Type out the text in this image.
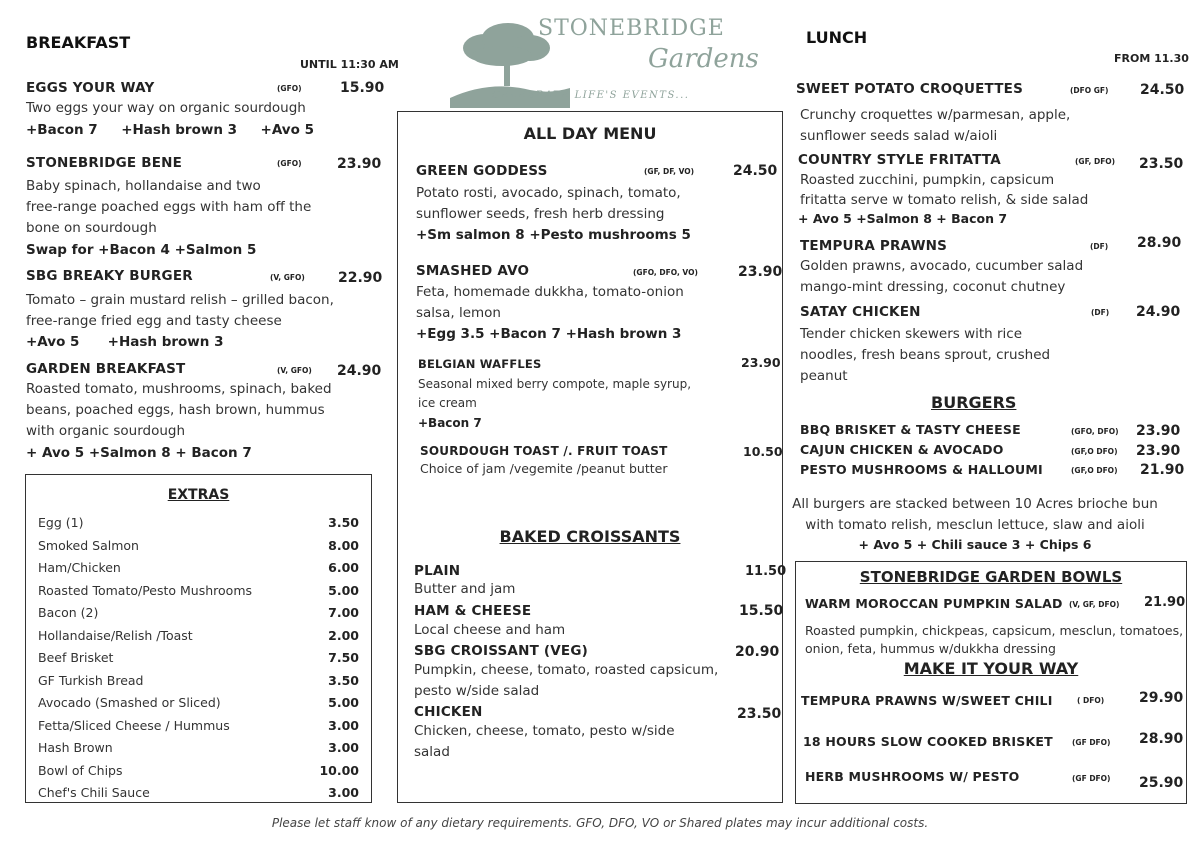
STONEBRIDGE
Gardens
CELEBRATE LIFE'S EVENTS...
BREAKFAST
UNTIL 11:30 AM
EGGS YOUR WAY	(GFO)	15.90
Two eggs your way on organic sourdough
+Bacon 7     +Hash brown 3     +Avo 5
STONEBRIDGE BENE	(GFO)	23.90
Baby spinach, hollandaise and two
free-range poached eggs with ham off the
bone on sourdough
Swap for +Bacon 4 +Salmon 5
SBG BREAKY BURGER	(V, GFO) 22.90
Tomato – grain mustard relish – grilled bacon,
free-range fried egg and tasty cheese
+Avo 5      +Hash brown 3
GARDEN BREAKFAST	(V, GFO) 24.90
Roasted tomato, mushrooms, spinach, baked
beans, poached eggs, hash brown, hummus
with organic sourdough
+ Avo 5 +Salmon 8 + Bacon 7
EXTRAS
Egg (1)	3.50
Smoked Salmon	8.00
Ham/Chicken	6.00
Roasted Tomato/Pesto Mushrooms	5.00
Bacon (2)	7.00
Hollandaise/Relish /Toast	2.00
Beef Brisket	7.50
GF Turkish Bread	3.50
Avocado (Smashed or Sliced)	5.00
Fetta/Sliced Cheese / Hummus	3.00
Hash Brown	3.00
Bowl of Chips	10.00
Chef's Chili Sauce	3.00
ALL DAY MENU
GREEN GODDESS	(GF, DF, VO)	24.50
Potato rosti, avocado, spinach, tomato,
sunflower seeds, fresh herb dressing
+Sm salmon 8 +Pesto mushrooms 5
SMASHED AVO	(GFO, DFO, VO)	23.90
Feta, homemade dukkha, tomato-onion
salsa, lemon
+Egg 3.5 +Bacon 7 +Hash brown 3
BELGIAN WAFFLES	23.90
Seasonal mixed berry compote, maple syrup,
ice cream
+Bacon 7
SOURDOUGH TOAST /. FRUIT TOAST	10.50
Choice of jam /vegemite /peanut butter
BAKED CROISSANTS
PLAIN	11.50
Butter and jam
HAM & CHEESE	15.50
Local cheese and ham
SBG CROISSANT (VEG)	20.90
Pumpkin, cheese, tomato, roasted capsicum,
pesto w/side salad
CHICKEN	23.50
Chicken, cheese, tomato, pesto w/side
salad
LUNCH
FROM 11.30
SWEET POTATO CROQUETTES	(DFO GF) 24.50
Crunchy croquettes w/parmesan, apple,
sunflower seeds salad w/aioli
COUNTRY STYLE FRITATTA	(GF, DFO) 23.50
Roasted zucchini, pumpkin, capsicum
fritatta serve w tomato relish, & side salad
+ Avo 5 +Salmon 8 + Bacon 7
TEMPURA PRAWNS	(DF) 28.90
Golden prawns, avocado, cucumber salad
mango-mint dressing, coconut chutney
SATAY CHICKEN	(DF) 24.90
Tender chicken skewers with rice
noodles, fresh beans sprout, crushed
peanut
BURGERS
BBQ BRISKET & TASTY CHEESE	(GFO, DFO) 23.90
CAJUN CHICKEN & AVOCADO	(GF,O DFO) 23.90
PESTO MUSHROOMS & HALLOUMI	(GF,O DFO) 21.90
All burgers are stacked between 10 Acres brioche bun
with tomato relish, mesclun lettuce, slaw and aioli
+ Avo 5 + Chili sauce 3 + Chips 6
STONEBRIDGE GARDEN BOWLS
WARM MOROCCAN PUMPKIN SALAD (V, GF, DFO) 21.90
Roasted pumpkin, chickpeas, capsicum, mesclun, tomatoes,
onion, feta, hummus w/dukkha dressing
MAKE IT YOUR WAY
TEMPURA PRAWNS W/SWEET CHILI	( DFO) 29.90
18 HOURS SLOW COOKED BRISKET	(GF DFO) 28.90
HERB MUSHROOMS W/ PESTO	(GF DFO) 25.90
Please let staff know of any dietary requirements. GFO, DFO, VO or Shared plates may incur additional costs.
